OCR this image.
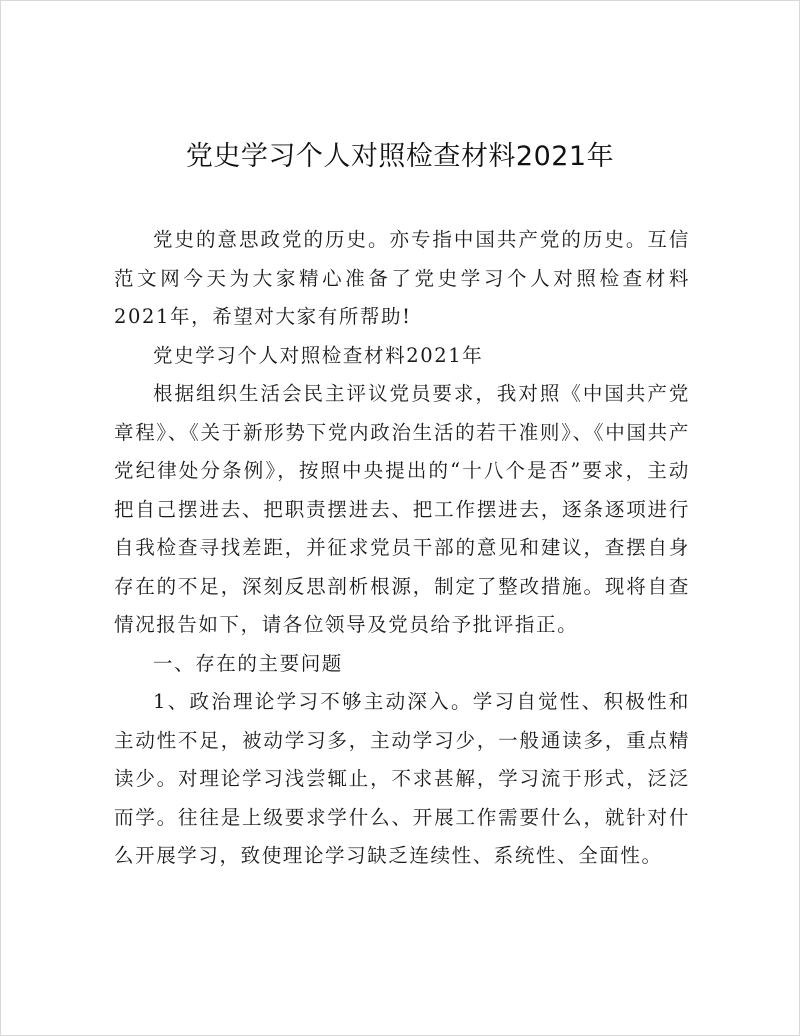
党史学习个人对照检查材料2021年

党史的意思政党的历史。亦专指中国共产党的历史。互信范文网今天为大家精心准备了党史学习个人对照检查材料2021年，希望对大家有所帮助!

党史学习个人对照检查材料2021年

根据组织生活会民主评议党员要求，我对照《中国共产党章程》、《关于新形势下党内政治生活的若干准则》、《中国共产党纪律处分条例》，按照中央提出的“十八个是否”要求，主动把自己摆进去、把职责摆进去、把工作摆进去，逐条逐项进行自我检查寻找差距，并征求党员干部的意见和建议，查摆自身存在的不足，深刻反思剖析根源，制定了整改措施。现将自查情况报告如下，请各位领导及党员给予批评指正。

一、存在的主要问题

1、政治理论学习不够主动深入。学习自觉性、积极性和主动性不足，被动学习多，主动学习少，一般通读多，重点精读少。对理论学习浅尝辄止，不求甚解，学习流于形式，泛泛而学。往往是上级要求学什么、开展工作需要什么，就针对什么开展学习，致使理论学习缺乏连续性、系统性、全面性。
